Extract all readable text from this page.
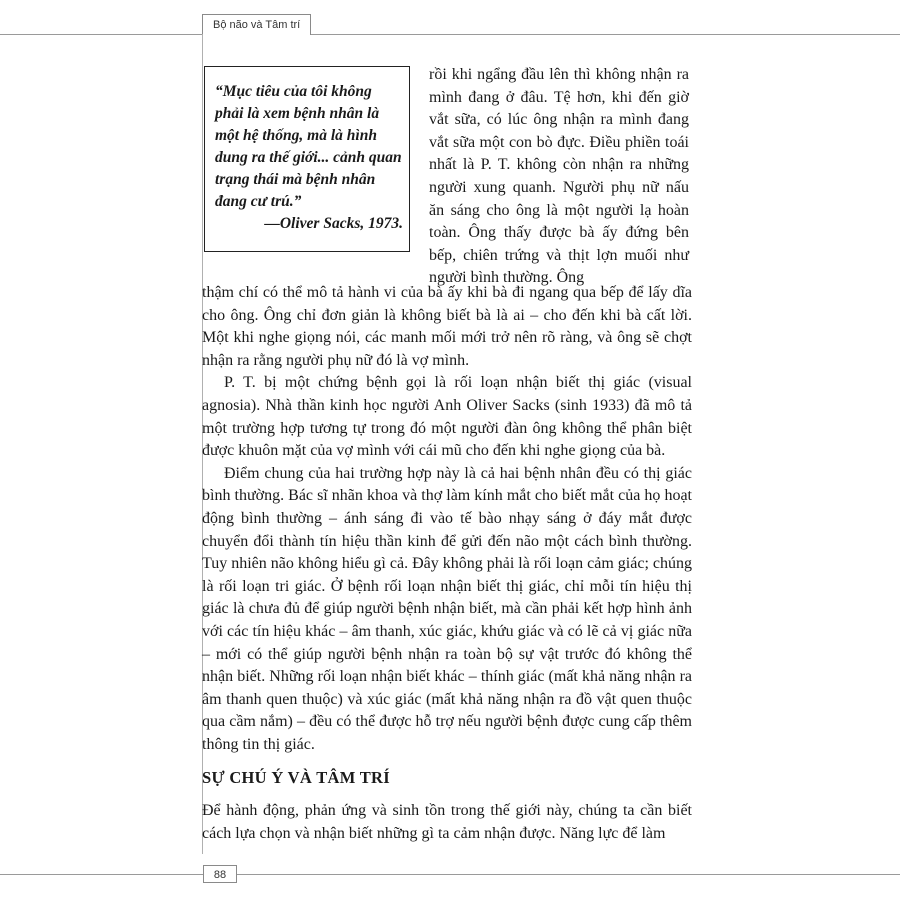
Bộ não và Tâm trí
“Mục tiêu của tôi không phải là xem bệnh nhân là một hệ thống, mà là hình dung ra thế giới... cảnh quan trạng thái mà bệnh nhân đang cư trú.”
—Oliver Sacks, 1973.

rồi khi ngẩng đầu lên thì không nhận ra mình đang ở đâu. Tệ hơn, khi đến giờ vắt sữa, có lúc ông nhận ra mình đang vắt sữa một con bò đực. Điều phiền toái nhất là P. T. không còn nhận ra những người xung quanh. Người phụ nữ nấu ăn sáng cho ông là một người lạ hoàn toàn. Ông thấy được bà ấy đứng bên bếp, chiên trứng và thịt lợn muối như người bình thường. Ông

thậm chí có thể mô tả hành vi của bà ấy khi bà đi ngang qua bếp để lấy dĩa cho ông. Ông chỉ đơn giản là không biết bà là ai – cho đến khi bà cất lời. Một khi nghe giọng nói, các manh mối mới trở nên rõ ràng, và ông sẽ chợt nhận ra rằng người phụ nữ đó là vợ mình.

P. T. bị một chứng bệnh gọi là rối loạn nhận biết thị giác (visual agnosia). Nhà thần kinh học người Anh Oliver Sacks (sinh 1933) đã mô tả một trường hợp tương tự trong đó một người đàn ông không thể phân biệt được khuôn mặt của vợ mình với cái mũ cho đến khi nghe giọng của bà.

Điểm chung của hai trường hợp này là cả hai bệnh nhân đều có thị giác bình thường. Bác sĩ nhãn khoa và thợ làm kính mắt cho biết mắt của họ hoạt động bình thường – ánh sáng đi vào tế bào nhạy sáng ở đáy mắt được chuyển đổi thành tín hiệu thần kinh để gửi đến não một cách bình thường. Tuy nhiên não không hiểu gì cả. Đây không phải là rối loạn cảm giác; chúng là rối loạn tri giác. Ở bệnh rối loạn nhận biết thị giác, chỉ mỗi tín hiệu thị giác là chưa đủ để giúp người bệnh nhận biết, mà cần phải kết hợp hình ảnh với các tín hiệu khác – âm thanh, xúc giác, khứu giác và có lẽ cả vị giác nữa – mới có thể giúp người bệnh nhận ra toàn bộ sự vật trước đó không thể nhận biết. Những rối loạn nhận biết khác – thính giác (mất khả năng nhận ra âm thanh quen thuộc) và xúc giác (mất khả năng nhận ra đồ vật quen thuộc qua cầm nắm) – đều có thể được hỗ trợ nếu người bệnh được cung cấp thêm thông tin thị giác.

SỰ CHÚ Ý VÀ TÂM TRÍ
Để hành động, phản ứng và sinh tồn trong thế giới này, chúng ta cần biết cách lựa chọn và nhận biết những gì ta cảm nhận được. Năng lực để làm
88
